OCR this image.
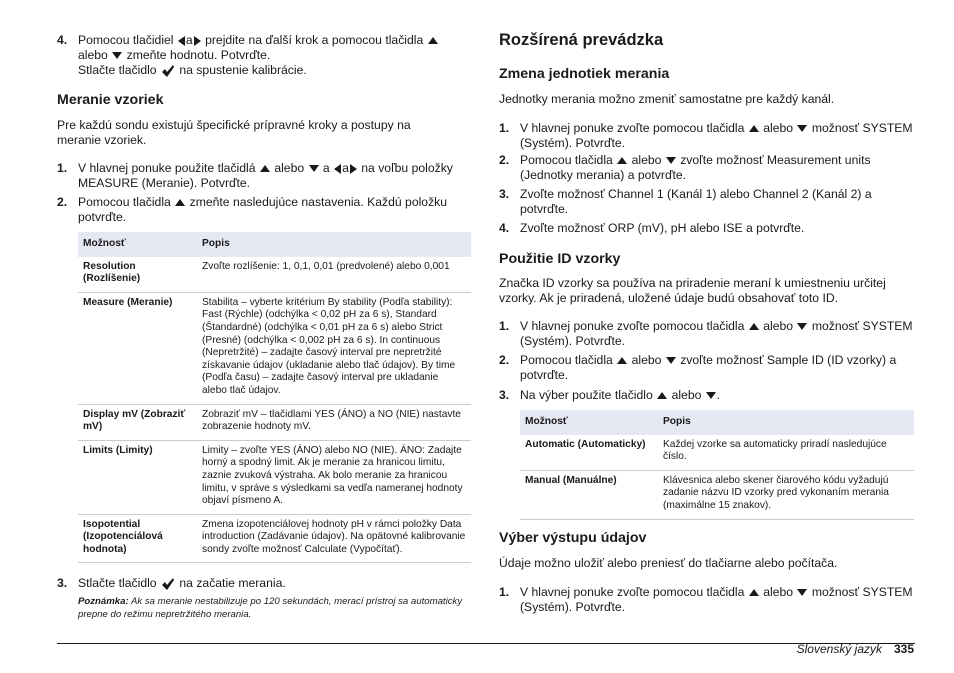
4. Pomocou tlačidiel a prejdite na ďalší krok a pomocou tlačidla

alebo zmeňte hodnotu. Potvrďte.
Stlačte tlačidlo na spustenie kalibrácie.
Meranie vzoriek
Pre každú sondu existujú špecifické prípravné kroky a postupy na meranie vzoriek.
1. V hlavnej ponuke použite tlačidlá alebo a a na voľbu položky MEASURE (Meranie). Potvrďte.
2. Pomocou tlačidla zmeňte nasledujúce nastavenia. Každú položku potvrďte.
Možnosť	Popis
Resolution (Rozlíšenie)	Zvoľte rozlíšenie: 1, 0,1, 0,01 (predvolené) alebo 0,001
Measure (Meranie)	Stabilita – vyberte kritérium By stability (Podľa stability): Fast (Rýchle) (odchýlka < 0,02 pH za 6 s), Standard (Štandardné) (odchýlka < 0,01 pH za 6 s) alebo Strict (Presné) (odchýlka < 0,002 pH za 6 s). In continuous (Nepretržité) – zadajte časový interval pre nepretržité získavanie údajov (ukladanie alebo tlač údajov). By time (Podľa času) – zadajte časový interval pre ukladanie alebo tlač údajov.
Display mV (Zobraziť mV)	Zobraziť mV – tlačidlami YES (ÁNO) a NO (NIE) nastavte zobrazenie hodnoty mV.
Limits (Limity)	Limity – zvoľte YES (ÁNO) alebo NO (NIE). ÁNO: Zadajte horný a spodný limit. Ak je meranie za hranicou limitu, zaznie zvuková výstraha. Ak bolo meranie za hranicou limitu, v správe s výsledkami sa vedľa nameranej hodnoty objaví písmeno A.
Isopotential (Izopotenciálová hodnota)	Zmena izopotenciálovej hodnoty pH v rámci položky Data introduction (Zadávanie údajov). Na opätovné kalibrovanie sondy zvoľte možnosť Calculate (Vypočítať).
3. Stlačte tlačidlo na začatie merania.
Poznámka: Ak sa meranie nestabilizuje po 120 sekundách, merací prístroj sa automaticky prepne do režimu nepretržitého merania.
Rozšírená prevádzka
Zmena jednotiek merania
Jednotky merania možno zmeniť samostatne pre každý kanál.
1. V hlavnej ponuke zvoľte pomocou tlačidla alebo možnosť SYSTEM (Systém). Potvrďte.
2. Pomocou tlačidla alebo zvoľte možnosť Measurement units (Jednotky merania) a potvrďte.
3. Zvoľte možnosť Channel 1 (Kanál 1) alebo Channel 2 (Kanál 2) a potvrďte.
4. Zvoľte možnosť ORP (mV), pH alebo ISE a potvrďte.
Použitie ID vzorky
Značka ID vzorky sa používa na priradenie meraní k umiestneniu určitej vzorky. Ak je priradená, uložené údaje budú obsahovať toto ID.
1. V hlavnej ponuke zvoľte pomocou tlačidla alebo možnosť SYSTEM (Systém). Potvrďte.
2. Pomocou tlačidla alebo zvoľte možnosť Sample ID (ID vzorky) a potvrďte.
3. Na výber použite tlačidlo alebo .
Možnosť	Popis
Automatic (Automaticky)	Každej vzorke sa automaticky priradí nasledujúce číslo.
Manual (Manuálne)	Klávesnica alebo skener čiarového kódu vyžadujú zadanie názvu ID vzorky pred vykonaním merania (maximálne 15 znakov).
Výber výstupu údajov
Údaje možno uložiť alebo preniesť do tlačiarne alebo počítača.
1. V hlavnej ponuke zvoľte pomocou tlačidla alebo možnosť SYSTEM (Systém). Potvrďte.
Slovenský jazyk 335
